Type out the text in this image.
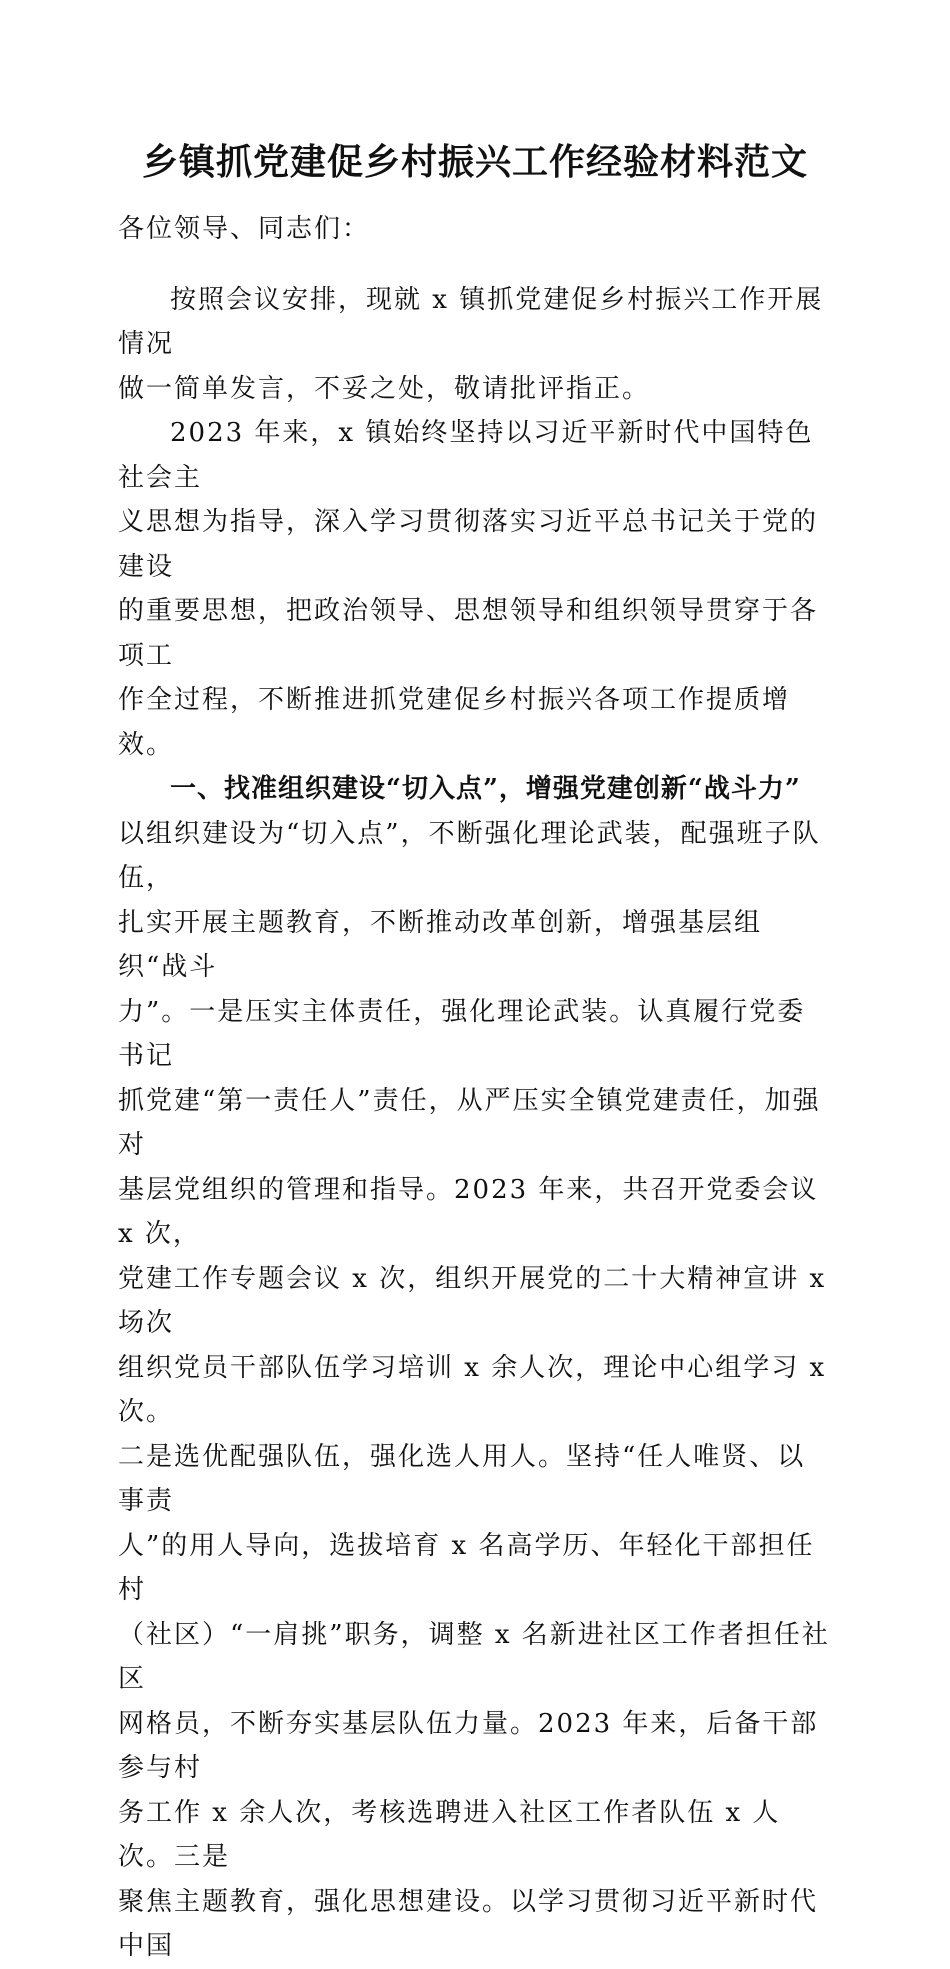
乡镇抓党建促乡村振兴工作经验材料范文
各位领导、同志们：
按照会议安排，现就 x 镇抓党建促乡村振兴工作开展情况
做一简单发言，不妥之处，敬请批评指正。
2023 年来，x 镇始终坚持以习近平新时代中国特色社会主
义思想为指导，深入学习贯彻落实习近平总书记关于党的建设
的重要思想，把政治领导、思想领导和组织领导贯穿于各项工
作全过程，不断推进抓党建促乡村振兴各项工作提质增效。
一、找准组织建设“切入点”，增强党建创新“战斗力”
以组织建设为“切入点”，不断强化理论武装，配强班子队伍，
扎实开展主题教育，不断推动改革创新，增强基层组织“战斗
力”。一是压实主体责任，强化理论武装。认真履行党委书记
抓党建“第一责任人”责任，从严压实全镇党建责任，加强对
基层党组织的管理和指导。2023 年来，共召开党委会议 x 次，
党建工作专题会议 x 次，组织开展党的二十大精神宣讲 x 场次
组织党员干部队伍学习培训 x 余人次，理论中心组学习 x 次。
二是选优配强队伍，强化选人用人。坚持“任人唯贤、以事责
人”的用人导向，选拔培育 x 名高学历、年轻化干部担任村
（社区）“一肩挑”职务，调整 x 名新进社区工作者担任社区
网格员，不断夯实基层队伍力量。2023 年来，后备干部参与村
务工作 x 余人次，考核选聘进入社区工作者队伍 x 人次。三是
聚焦主题教育，强化思想建设。以学习贯彻习近平新时代中国
